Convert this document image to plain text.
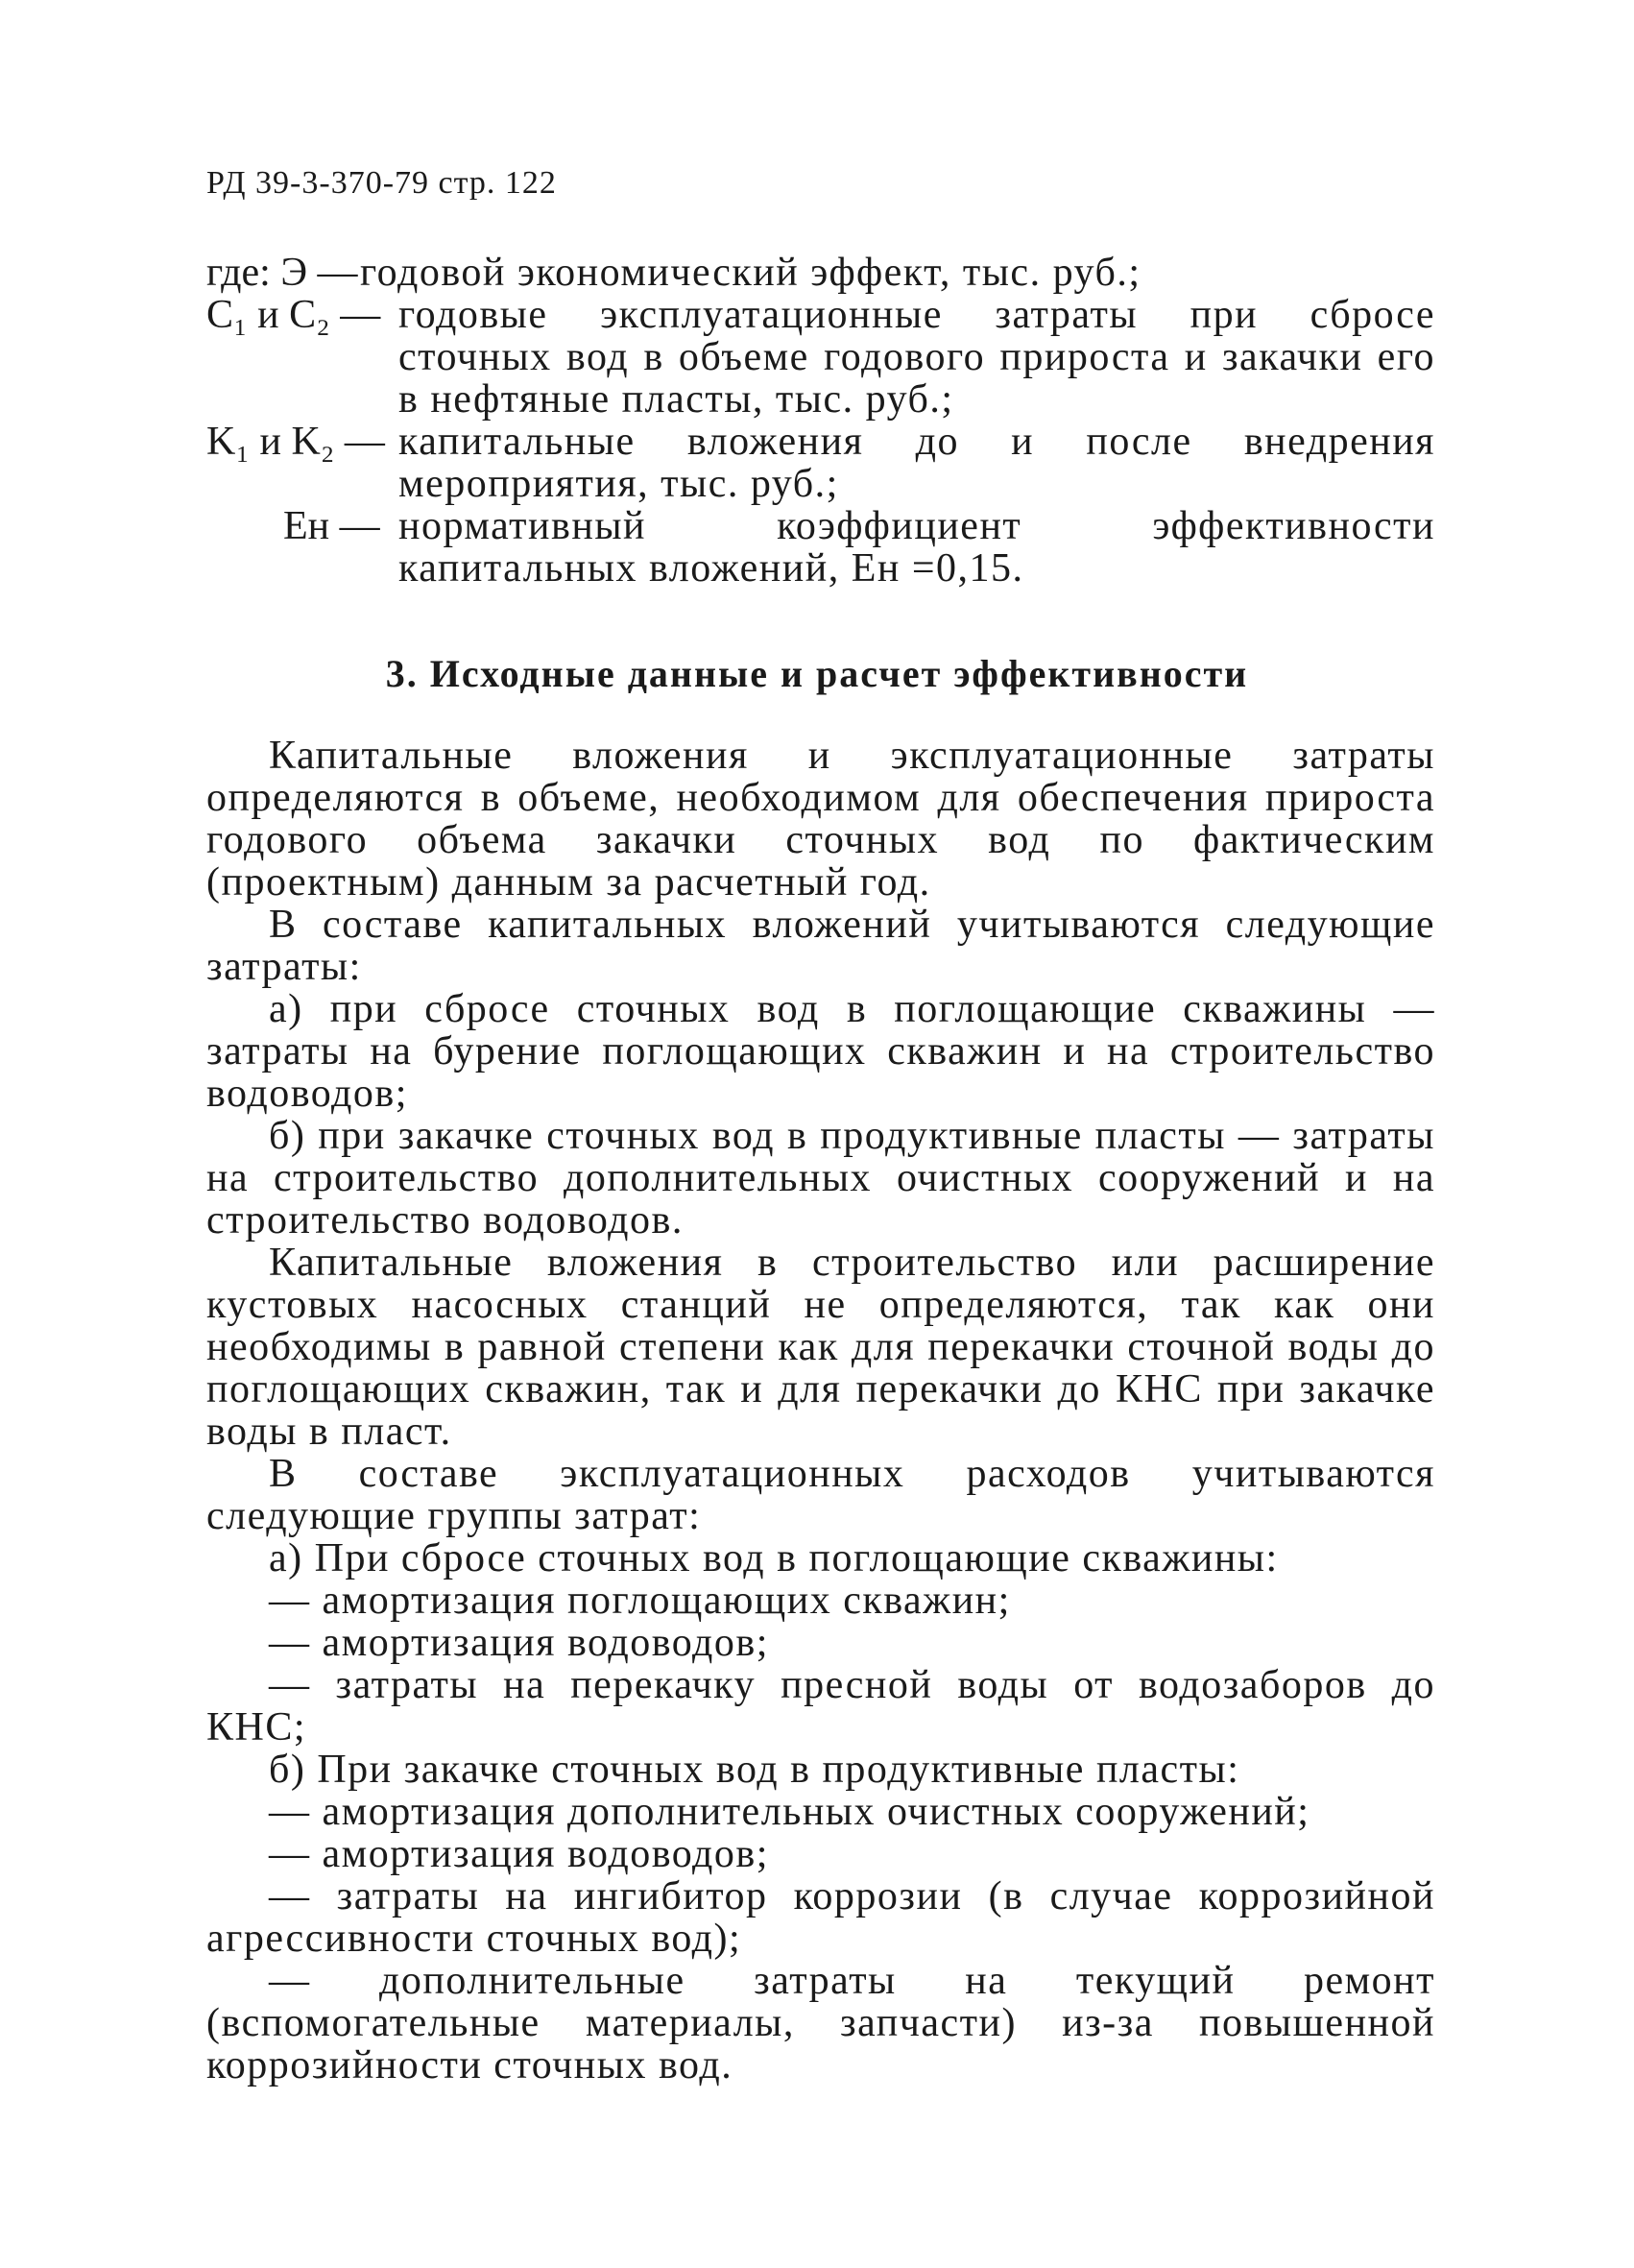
РД 39-3-370-79 стр. 122
где: Э — годовой экономический эффект, тыс. руб.;
C₁ и C₂ — годовые эксплуатационные затраты при сбросе сточных вод в объеме годового прироста и закачки его в нефтяные пласты, тыс. руб.;
K₁ и K₂ — капитальные вложения до и после внедрения мероприятия, тыс. руб.;
Eн — нормативный коэффициент эффективности капитальных вложений, Eн =0,15.
3. Исходные данные и расчет эффективности

Капитальные вложения и эксплуатационные затраты определяются в объеме, необходимом для обеспечения прироста годового объема закачки сточных вод по фактическим (проектным) данным за расчетный год.

В составе капитальных вложений учитываются следующие затраты:

а) при сбросе сточных вод в поглощающие скважины — затраты на бурение поглощающих скважин и на строительство водоводов;

б) при закачке сточных вод в продуктивные пласты — затраты на строительство дополнительных очистных сооружений и на строительство водоводов.

Капитальные вложения в строительство или расширение кустовых насосных станций не определяются, так как они необходимы в равной степени как для перекачки сточной воды до поглощающих скважин, так и для перекачки до КНС при закачке воды в пласт.

В составе эксплуатационных расходов учитываются следующие группы затрат:

а) При сбросе сточных вод в поглощающие скважины:

— амортизация поглощающих скважин;

— амортизация водоводов;

— затраты на перекачку пресной воды от водозаборов до КНС;

б) При закачке сточных вод в продуктивные пласты:

— амортизация дополнительных очистных сооружений;

— амортизация водоводов;

— затраты на ингибитор коррозии (в случае коррозийной агрессивности сточных вод);

— дополнительные затраты на текущий ремонт (вспомогательные материалы, запчасти) из-за повышенной коррозийности сточных вод.
